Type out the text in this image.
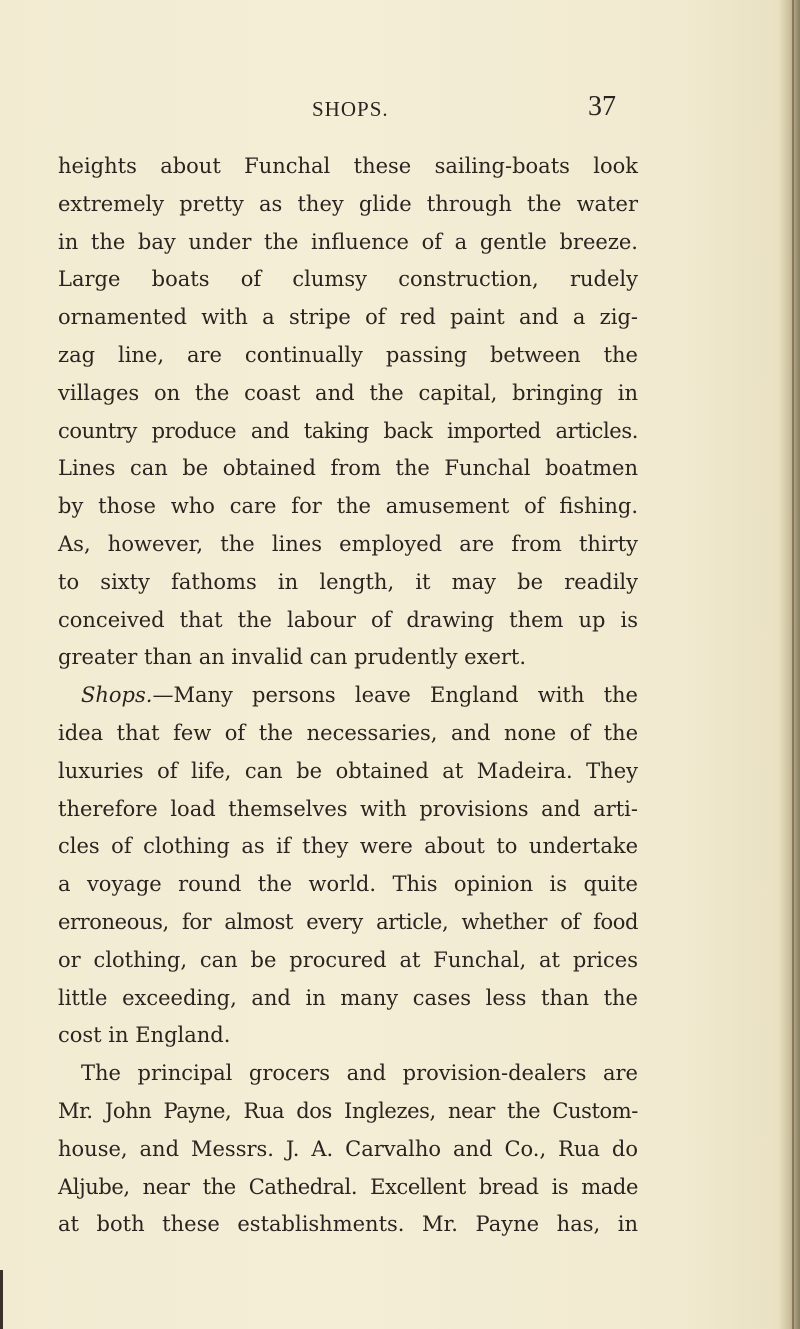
SHOPS.	37
heights about Funchal these sailing-boats look
extremely pretty as they glide through the water
in the bay under the influence of a gentle breeze.
Large boats of clumsy construction, rudely
ornamented with a stripe of red paint and a zig-
zag line, are continually passing between the
villages on the coast and the capital, bringing in
country produce and taking back imported articles.
Lines can be obtained from the Funchal boatmen
by those who care for the amusement of fishing.
As, however, the lines employed are from thirty
to sixty fathoms in length, it may be readily
conceived that the labour of drawing them up is
greater than an invalid can prudently exert.
Shops.—Many persons leave England with the
idea that few of the necessaries, and none of the
luxuries of life, can be obtained at Madeira. They
therefore load themselves with provisions and arti-
cles of clothing as if they were about to undertake
a voyage round the world. This opinion is quite
erroneous, for almost every article, whether of food
or clothing, can be procured at Funchal, at prices
little exceeding, and in many cases less than the
cost in England.
The principal grocers and provision-dealers are
Mr. John Payne, Rua dos Inglezes, near the Custom-
house, and Messrs. J. A. Carvalho and Co., Rua do
Aljube, near the Cathedral. Excellent bread is made
at both these establishments. Mr. Payne has, in
